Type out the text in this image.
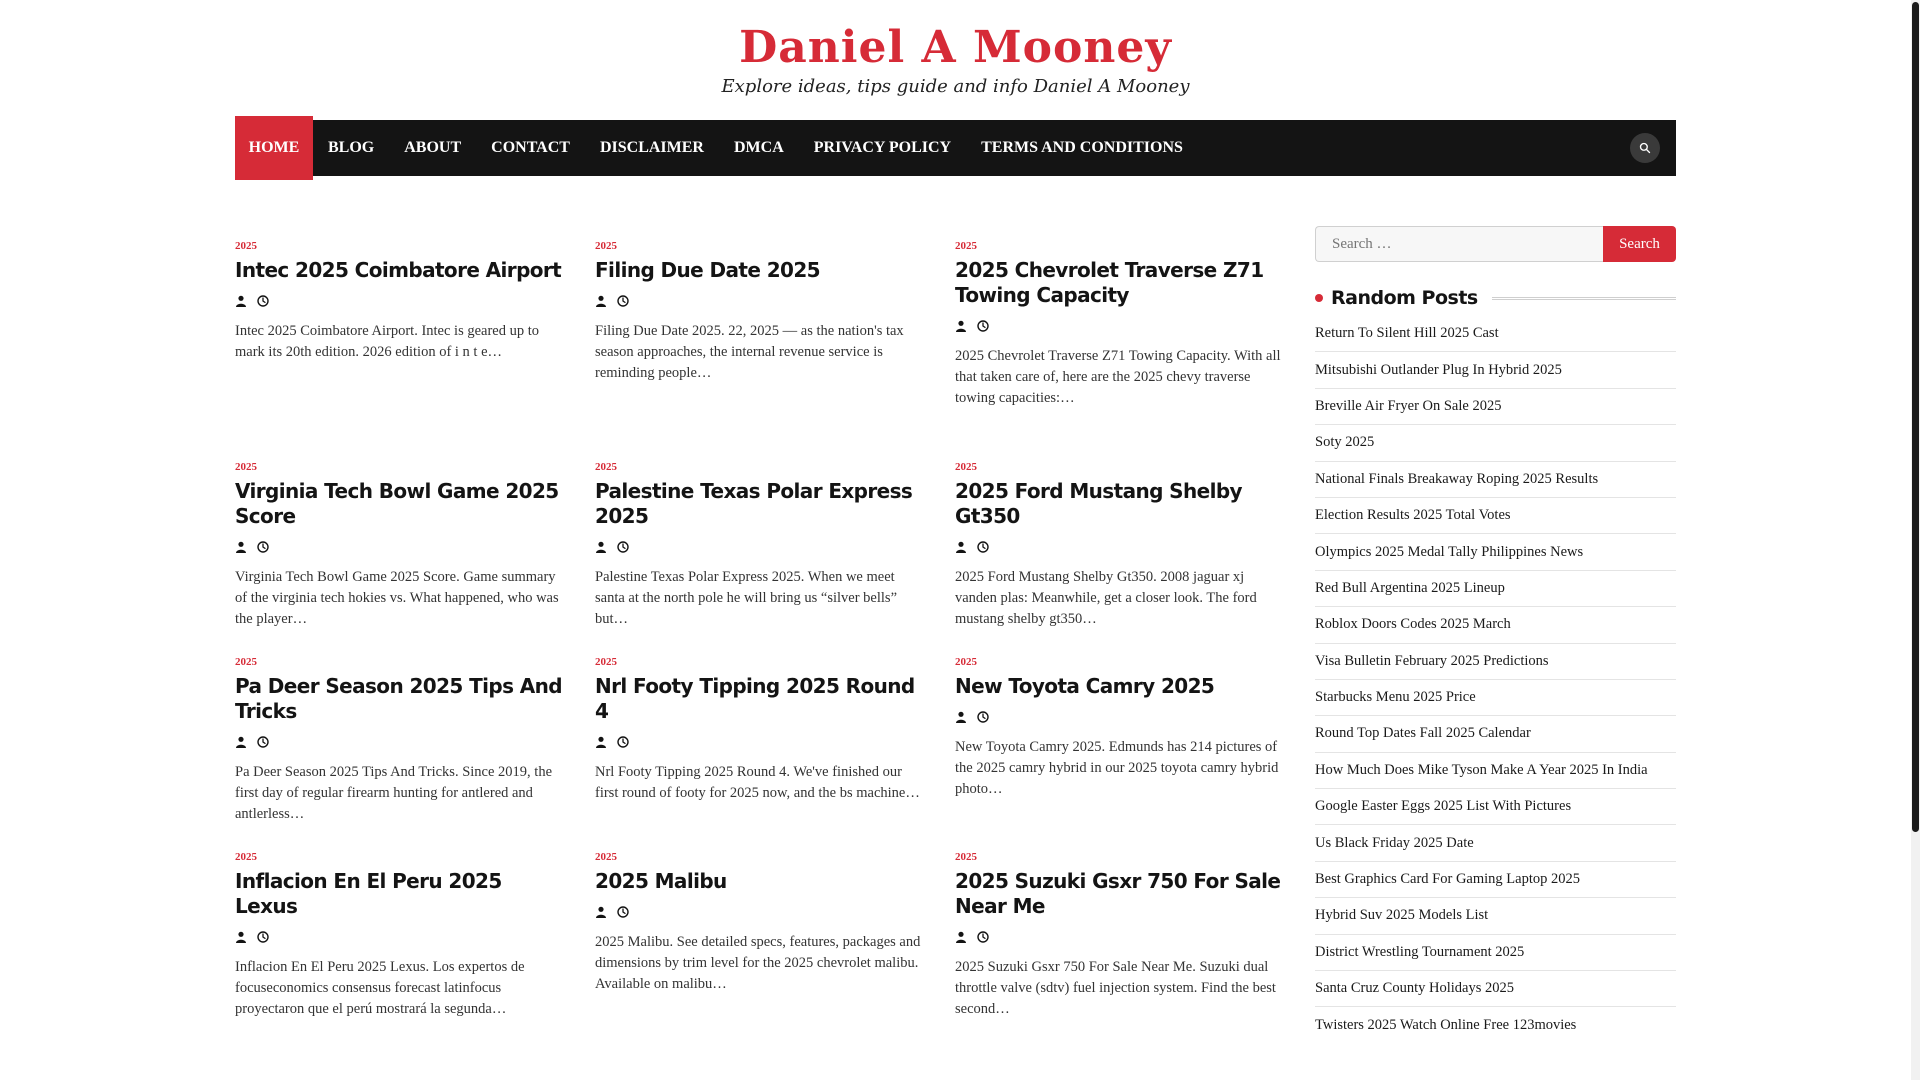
Daniel A Mooney
Explore ideas, tips guide and info Daniel A Mooney
HOME	BLOG	ABOUT	CONTACT	DISCLAIMER	DMCA	PRIVACY POLICY	TERMS AND CONDITIONS
2025
Intec 2025 Coimbatore Airport

Intec 2025 Coimbatore Airport. Intec is geared up to mark its 20th edition. 2026 edition of i n t e…

2025
Filing Due Date 2025

Filing Due Date 2025. 22, 2025 — as the nation's tax season approaches, the internal revenue service is reminding people…

2025
2025 Chevrolet Traverse Z71 Towing Capacity

2025 Chevrolet Traverse Z71 Towing Capacity. With all that taken care of, here are the 2025 chevy traverse towing capacities:…

2025
Virginia Tech Bowl Game 2025 Score

Virginia Tech Bowl Game 2025 Score. Game summary of the virginia tech hokies vs. What happened, who was the player…

2025
Palestine Texas Polar Express 2025

Palestine Texas Polar Express 2025. When we meet santa at the north pole he will bring us “silver bells” but…

2025
2025 Ford Mustang Shelby Gt350

2025 Ford Mustang Shelby Gt350. 2008 jaguar xj vanden plas: Meanwhile, get a closer look. The ford mustang shelby gt350…

2025
Pa Deer Season 2025 Tips And Tricks

Pa Deer Season 2025 Tips And Tricks. Since 2019, the first day of regular firearm hunting for antlered and antlerless…

2025
Nrl Footy Tipping 2025 Round 4

Nrl Footy Tipping 2025 Round 4. We've finished our first round of footy for 2025 now, and the bs machine…

2025
New Toyota Camry 2025

New Toyota Camry 2025. Edmunds has 214 pictures of the 2025 camry hybrid in our 2025 toyota camry hybrid photo…

2025
Inflacion En El Peru 2025 Lexus

Inflacion En El Peru 2025 Lexus. Los expertos de focuseconomics consensus forecast latinfocus proyectaron que el perú mostrará la segunda…

2025
2025 Malibu

2025 Malibu. See detailed specs, features, packages and dimensions by trim level for the 2025 chevrolet malibu. Available on malibu…

2025
2025 Suzuki Gsxr 750 For Sale Near Me

2025 Suzuki Gsxr 750 For Sale Near Me. Suzuki dual throttle valve (sdtv) fuel injection system. Find the best second…

Search …
Search
Random Posts
Return To Silent Hill 2025 Cast
Mitsubishi Outlander Plug In Hybrid 2025
Breville Air Fryer On Sale 2025
Soty 2025
National Finals Breakaway Roping 2025 Results
Election Results 2025 Total Votes
Olympics 2025 Medal Tally Philippines News
Red Bull Argentina 2025 Lineup
Roblox Doors Codes 2025 March
Visa Bulletin February 2025 Predictions
Starbucks Menu 2025 Price
Round Top Dates Fall 2025 Calendar
How Much Does Mike Tyson Make A Year 2025 In India
Google Easter Eggs 2025 List With Pictures
Us Black Friday 2025 Date
Best Graphics Card For Gaming Laptop 2025
Hybrid Suv 2025 Models List
District Wrestling Tournament 2025
Santa Cruz County Holidays 2025
Twisters 2025 Watch Online Free 123movies
